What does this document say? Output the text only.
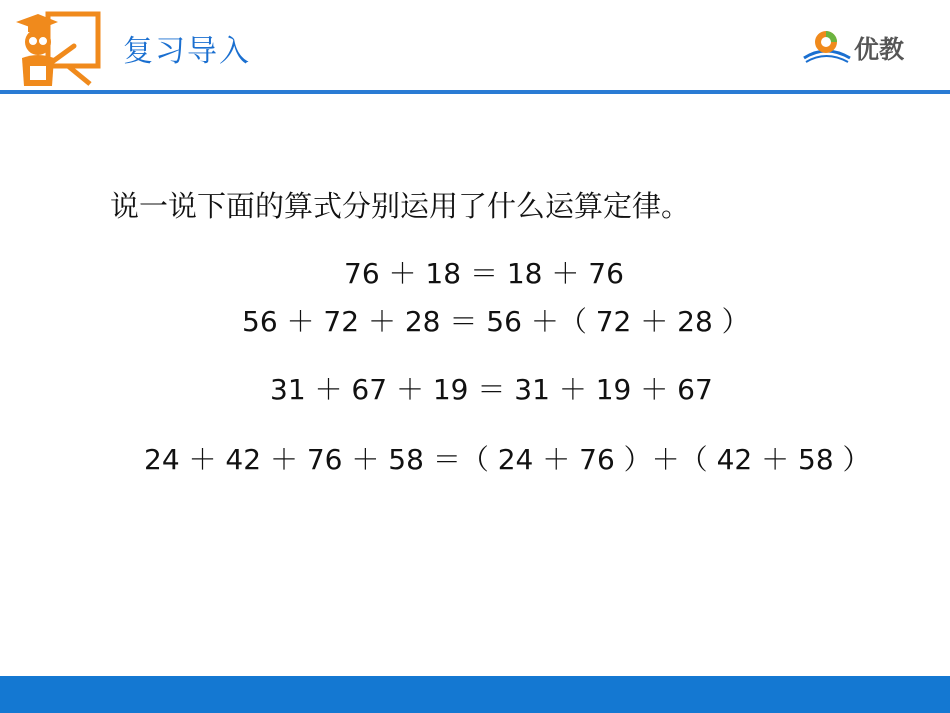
复习导入	优教
说一说下面的算式分别运用了什么运算定律。
76 ＋ 18 ＝ 18 ＋ 76
56 ＋ 72 ＋ 28 ＝ 56 ＋（ 72 ＋ 28 ）
31 ＋ 67 ＋ 19 ＝ 31 ＋ 19 ＋ 67
24 ＋ 42 ＋ 76 ＋ 58 ＝（ 24 ＋ 76 ）＋（ 42 ＋ 58 ）
